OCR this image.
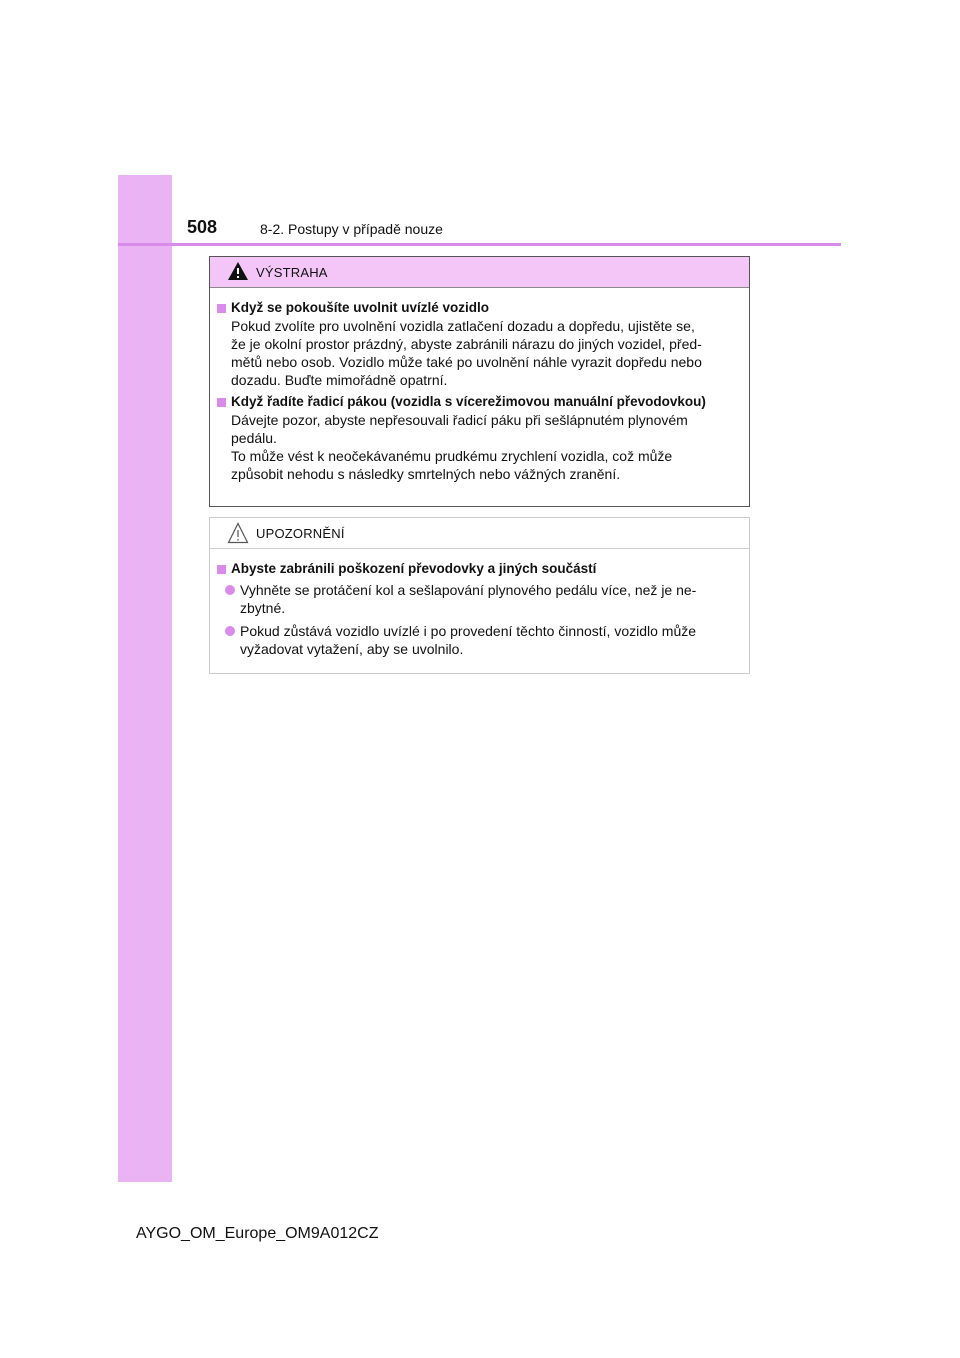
508	8-2. Postupy v případě nouze
VÝSTRAHA
Když se pokoušíte uvolnit uvízlé vozidlo
Pokud zvolíte pro uvolnění vozidla zatlačení dozadu a dopředu, ujistěte se,
že je okolní prostor prázdný, abyste zabránili nárazu do jiných vozidel, před-
mětů nebo osob. Vozidlo může také po uvolnění náhle vyrazit dopředu nebo
dozadu. Buďte mimořádně opatrní.
Když řadíte řadicí pákou (vozidla s vícerežimovou manuální převodovkou)
Dávejte pozor, abyste nepřesouvali řadicí páku při sešlápnutém plynovém
pedálu.
To může vést k neočekávanému prudkému zrychlení vozidla, což může
způsobit nehodu s následky smrtelných nebo vážných zranění.
UPOZORNĚNÍ
Abyste zabránili poškození převodovky a jiných součástí
Vyhněte se protáčení kol a sešlapování plynového pedálu více, než je ne-
zbytné.
Pokud zůstává vozidlo uvízlé i po provedení těchto činností, vozidlo může
vyžadovat vytažení, aby se uvolnilo.
AYGO_OM_Europe_OM9A012CZ
